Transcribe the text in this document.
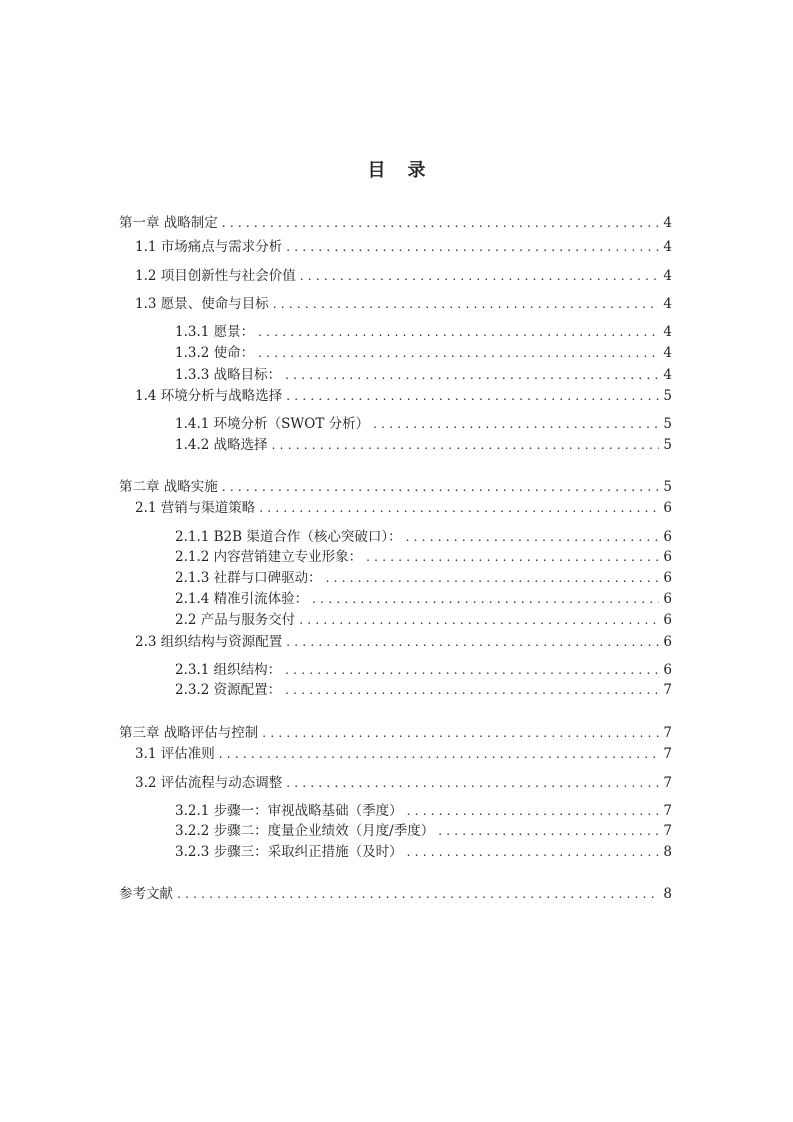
目录
第一章 战略制定 . . .	4
1.1 市场痛点与需求分析 . . .	4
1.2 项目创新性与社会价值 . . .	4
1.3 愿景、使命与目标 . . .	4
1.3.1 愿景： . . .	4
1.3.2 使命： . . .	4
1.3.3 战略目标： . . .	4
1.4 环境分析与战略选择 . . .	5
1.4.1 环境分析（SWOT 分析） . . .	5
1.4.2 战略选择 . . .	5
第二章 战略实施 . . .	5
2.1 营销与渠道策略 . . .	6
2.1.1 B2B 渠道合作（核心突破口）： . . .	6
2.1.2 内容营销建立专业形象： . . .	6
2.1.3 社群与口碑驱动： . . .	6
2.1.4 精准引流体验： . . .	6
2.2 产品与服务交付 . . .	6
2.3 组织结构与资源配置 . . .	6
2.3.1 组织结构： . . .	6
2.3.2 资源配置： . . .	7
第三章 战略评估与控制 . . .	7
3.1 评估准则 . . .	7
3.2 评估流程与动态调整 . . .	7
3.2.1 步骤一：审视战略基础（季度） . . .	7
3.2.2 步骤二：度量企业绩效（月度/季度） . . .	7
3.2.3 步骤三：采取纠正措施（及时） . . .	8
参考文献 . . .	8
